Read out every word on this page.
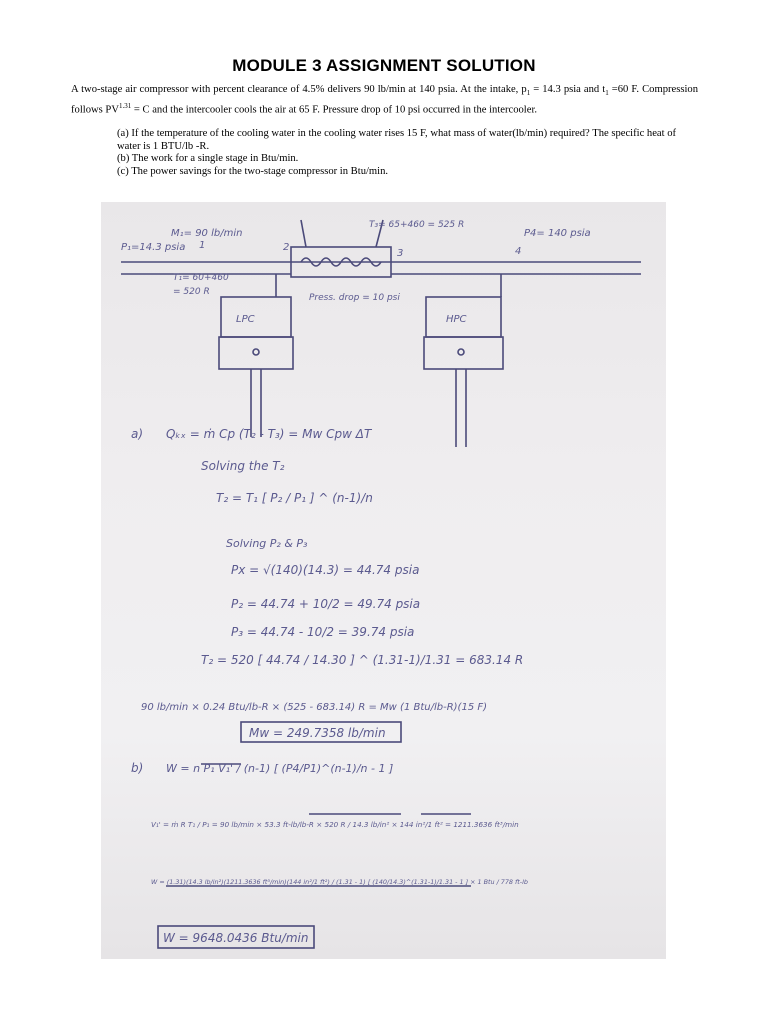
MODULE 3 ASSIGNMENT SOLUTION

A two-stage air compressor with percent clearance of 4.5% delivers 90 lb/min at 140 psia. At the intake, $p_1 = 14.3$ psia and $t_1 =60$ F. Compression follows $PV^{1.31} = C$ and the intercooler cools the air at 65 F. Pressure drop of 10 psi occurred in the intercooler.

(a) If the temperature of the cooling water in the cooling water rises 15 F, what mass of water(lb/min) required? The specific heat of water is 1 BTU/lb -R.
(b) The work for a single stage in Btu/min.
(c) The power savings for the two-stage compressor in Btu/min.
M₁= 90 lb/min
P₁=14.3 psia
T₁= 60+460
= 520 R
T₃= 65+460 = 525 R
P4= 140 psia
Press. drop = 10 psi
LPC	HPC
1	2
3	4
a) Qₖₓ = ṁ Cp (T₂ - T₃) = Mw Cpw ΔT
Solving the T₂
T₂ = T₁ [ P₂ / P₁ ] ^ (n-1)/n
Solving P₂ & P₃
Px = √(140)(14.3) = 44.74 psia
P₂ = 44.74 + 10/2 = 49.74 psia
P₃ = 44.74 - 10/2 = 39.74 psia
T₂ = 520 [ 44.74 / 14.30 ] ^ (1.31-1)/1.31 = 683.14 R
90 lb/min × 0.24 Btu/lb-R × (525 - 683.14) R = Mw (1 Btu/lb-R)(15 F)
Mw = 249.7358 lb/min
b) W = n P₁ V₁' / (n-1) [ (P4/P1)^(n-1)/n - 1 ]
V₁' = ṁ R T₁ / P₁ = 90 lb/min × 53.3 ft-lb/lb-R × 520 R / 14.3 lb/in² × 144 in²/1 ft² = 1211.3636 ft³/min
W = (1.31)(14.3 lb/in²)(1211.3636 ft³/min)(144 in²/1 ft²) / (1.31 - 1) [ (140/14.3)^(1.31-1)/1.31 - 1 ] × 1 Btu / 778 ft-lb
W = 9648.0436 Btu/min
